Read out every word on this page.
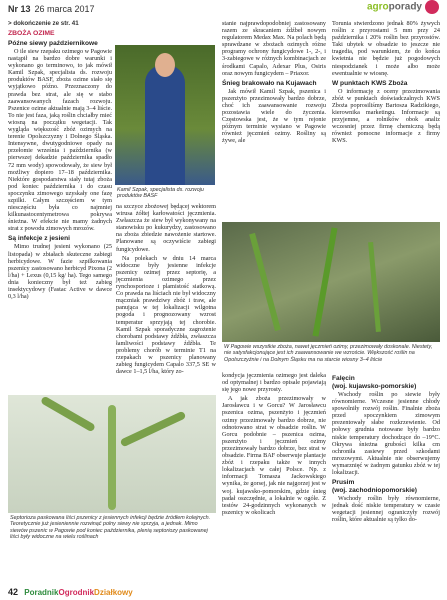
Nr 13 26 marca 2017	agroporady
> dokończenie ze str. 41
ZBOŻA OZIME
Późne siewy październikowe
O ile siew rzepaku ozimego w Pagowie nastąpił na bardzo dobre warunki i wykonano go terminowo, to jak mówił Kamil Szpak, specjalista ds. rozwoju produktów BASF, zboża ozime siało się wyjątkowo późno. Przeznaczony do prawda bez strat, ale się w stabo zaawansowanych fazach rozwoju. Pszenice ozime aktualnie mają 3–4 liście. To nie jest faza, jaką roślin chciałby mieć wiosną na początku wegetacji. Tak wygląda większość zbóż ozimych na terenie Opolszczyzny i Dolnego Śląska. Intensywne, dwutygodniowe opady na przełomie września i października (w pierwszej dekadzie października spadło 72 mm wody) spowodowały, że siew był możliwy dopiero 17–18 października. Niektóre gospodarstwa siały tutaj zboża pod koniec października i do czasu spoczynku zimowego uzyskały one fazę szpilki. Całym szczęściem w tym niesczęściu była co najmniej kilkunastocentymetrowa pokrywa śnieżna. W efekcie nie mamy żadnych strat z powodu zimowych mrozów.
Są infekcje z jesieni
Mimo trudnej jesieni wykonano (25 listopada) w zbiałach skuteczne zabiegi herbicydowe. W fazie szpilkowania pszenicy zastosowano herbicyd Pixona (2 l/ha) + Lexus (0,15 kg/ ha). Tego samego dnia konieczny był też zabieg insektycydowy (Fastac Active w dawce 0,3 l/ha)
Kamil Szpak, specjalista ds. rozwoju produktów BASF
na szczyce zbożowej będącej wektorem wirusa żółtej karłowatości jęczmienia. Zwłaszcza że siew był wykonywany na stanowisku po kukurydzy, zastosowano na zboża zbiedzie nawożenie startowe. Planowane są oczywiście zabiegi fungicydowe.
Na polekach w dniu 14 marca widoczne były jesienne infekcje pszenicy ozimej przez septorię, a jęczmienia ozimego przez rynchosporioze i plamistość siatkową. Co prawda na liściach nie był widoczny mączniak prawdziwy zbóż i traw, ale panująca w tej lokalizacji wilgotna pogoda i prognozowany wzrost temperatur sprzyjają tej chorobie. Kamil Szpak sporadyczne zagrożenie chorobami podstawy źdźbła, zwłaszcza łamliwości podstawy źdźbła. Te problemy chorób w terminie T1 na rzepakach w pszenicy planowany zabieg fungicydem Capalo 337,5 SE w dawce 1–1,5 l/ha, który zo-
stanie najprawdopodobniej zastosowany razem ze skracaniem źdźbeł nowym regulatorem Medax Max. Na polach będą sprawdzane w zbożach ozimych różne programy ochrony fungicydowe 1-, 2-, i 3-zabiegowe w różnych kombinacjach ze środkami Capalo, Adexar Plus, Osiris oraz nowym fungicydem – Priaxor.
Śnieg brakowało na Kujawach
Jak mówił Kamil Szpak, pszenica i pszenżyto przezimowały bardzo dobrze, choć ich zaawansowanie rozwoju pozostawia wiele do życzenia. Częstowska jest, że w tym rejonie późnym terminie wysiano w Pagowie również jęczmień ozimy. Rośliny są żywe, ale
Torunia stwierdzono jednak 80% żywych roślin z przyrostami 5 mm przy 24 października i 20% roślin bez przyrostów. Taki ubytek w obsadzie to jeszcze nie tragedia, pod warunkiem, że do końca kwietnia nie będzie już pogodowych niespodzianek i może albo może ewentualnie w wiosnę.
W punktach KWS Zboża
O informację z oceny przezimowania zbóż w punktach doświadczalnych KWS Zboża poprosiliśmy Bartosza Radzikiego, kierownika marketingu. Informacje są przyjemne, a rolników obok analiz wczesniej przez firmę chemiczną będą również pomocne informacje z firmy KWS.
W Pagowie wszystkie zboża, nawet jęczmień ozimy, przezimowały doskonale. Niestety, nie satysfakcjonujące jest ich zaawansowanie we wzroście. Większość roślin na Opolszczyźnie i na Dolnym Śląsku ma na starcie wiosny 3–4 liście
kondycja jęczmienia ozimego jest daleka od optymalnej i bardzo opisale pojawiają się jego nowe przyrosty.
A jak zboża przezimowały w Jarosławcu i w Gorcu? W Jarosławcu pszenica ozima, pszenżyto i jęczmień ozimy przezimowały bardzo dobrze, nie odnotowano strat w obsadzie roślin. W Gorcu podobnie – pszenica ozima, pszenżyto i jęczmień ozimy przezimowały bardzo dobrze, bez strat w obsadzie. Firma BAF obserwuje plantacje zbóż i rzepaku także w innych lokalizacjach w całej Polsce. Np. z informacji Tomasza Jackowskiego wynika, że gorsej, jak nie najgorzej jest w woj. kujawsko-pomorskim, gdzie śnieg padał oszczędnie, a lokalnie w ogóle. Z testów 24-godzinnych wykonanych w pszenicy w okolicach
Falęcin
(woj. kujawsko-pomorskie)
Wschody roślin po siewie były równomierne. Wczesne jesienne chłody spowolniły rozwój roślin. Finalnie zboża przed spoczynkiem zimowym prezentowały słabe rozkrzewienie. Od połowy grudnia notowane były bardzo niskie temperatury dochodzące do –19°C. Okrywa śnieżna grubości kilka cm ochroniła zasiewy przed szkodami mrozowymi. Aktualnie nie obserwujemy wymarznięć w żadnym gatunku zbóż w tej lokalizacji.
Prusim
(woj. zachodniopomorskie)
Wschody roślin były równomierne, jednak dość niskie temperatury w czasie wegetacji jesiennej ograniczyły rozwój roślin, które aktualnie są tylko do-
Septorioza paskowana liści pszenicy z jesiennych infekcji będzie źródłem kolejnych. Teoretycznie już jesieniennie rozwinąć polny siewy nie sprzyja, a jednak. Mimo siewów pszenic w Pagowie pod koniec października, plenią septoriozy paskowanej liści były widoczne na wielu roślinach
42 PoradnikOgrodnikDziałkowy
